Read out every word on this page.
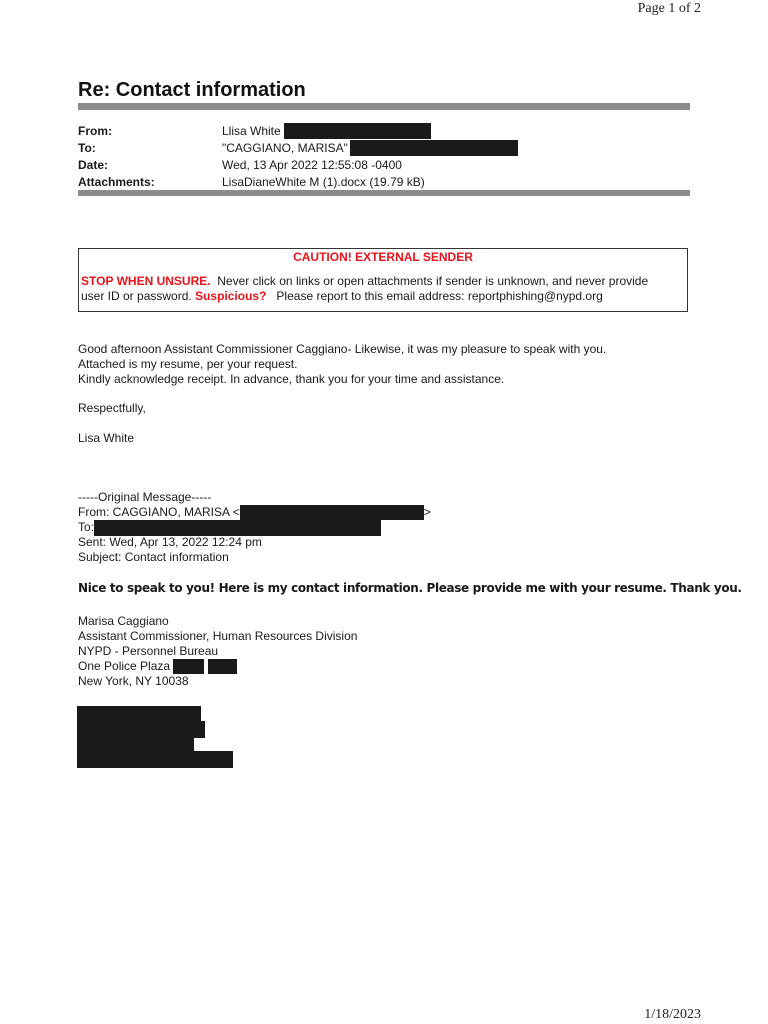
Page 1 of 2
Re: Contact information
From:	Llisa White
To:	"CAGGIANO, MARISA"
Date:	Wed, 13 Apr 2022 12:55:08 -0400
Attachments:	LisaDianeWhite M (1).docx (19.79 kB)
CAUTION! EXTERNAL SENDER
STOP WHEN UNSURE. Never click on links or open attachments if sender is unknown, and never provide
user ID or password. Suspicious? Please report to this email address: reportphishing@nypd.org
Good afternoon Assistant Commissioner Caggiano- Likewise, it was my pleasure to speak with you.
Attached is my resume, per your request.
Kindly acknowledge receipt. In advance, thank you for your time and assistance.
Respectfully,
Lisa White
-----Original Message-----
From: CAGGIANO, MARISA <	>
To:
Sent: Wed, Apr 13, 2022 12:24 pm
Subject: Contact information
Nice to speak to you! Here is my contact information. Please provide me with your resume. Thank you.
Marisa Caggiano
Assistant Commissioner, Human Resources Division
NYPD - Personnel Bureau
One Police Plaza
New York, NY 10038
1/18/2023
